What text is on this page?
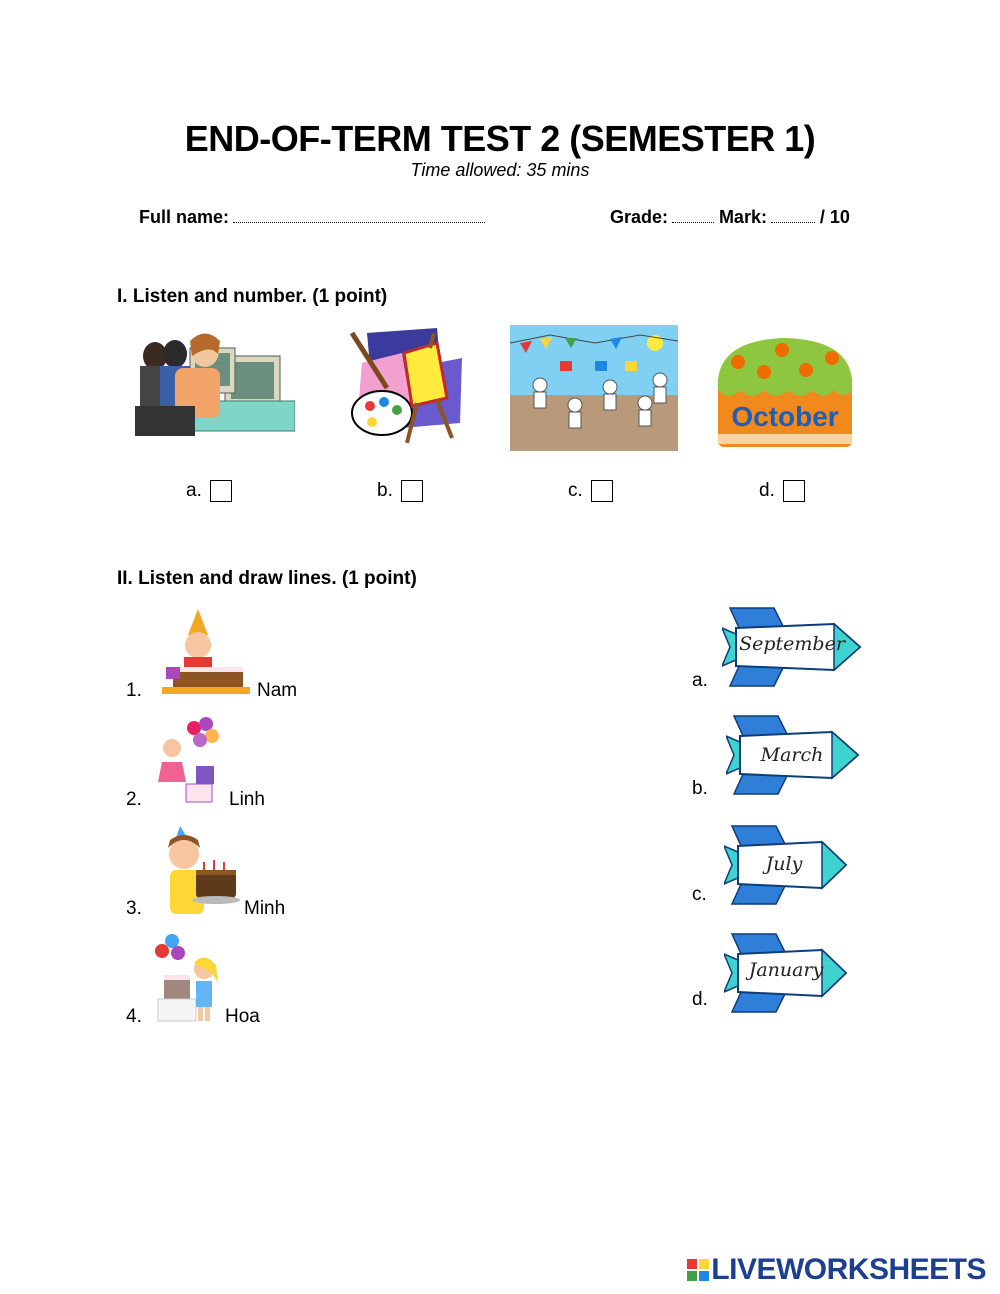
END-OF-TERM TEST 2 (SEMESTER 1)
Time allowed: 35 mins
Full name:	Grade:	Mark:	/ 10
I. Listen and number. (1 point)
October
a.	b.	c.	d.
II. Listen and draw lines. (1 point)
1.	Nam
2.	Linh
3.	Minh
4.	Hoa
a.
b.
c.
d.
September
March
July
January
LIVEWORKSHEETS
